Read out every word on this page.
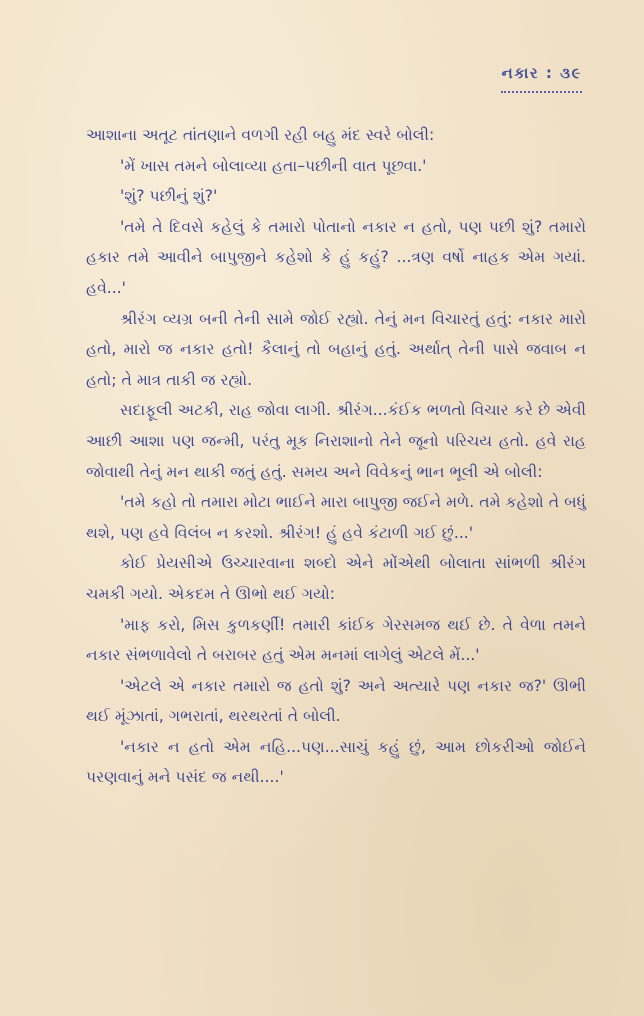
નકાર : ૩૯

આશાના અતૂટ તાંતણાને વળગી રહી બહુ મંદ સ્વરે બોલી:

'મેં ખાસ તમને બોલાવ્યા હતા–પછીની વાત પૂછવા.'

'શું? પછીનું શું?'

'તમે તે દિવસે કહેલું કે તમારો પોતાનો નકાર ન હતો, પણ પછી શું? તમારો હકાર તમે આવીને બાપુજીને કહેશો કે હું કહું? ...ત્રણ વર્ષો નાહક એમ ગયાં. હવે...'

શ્રીરંગ વ્યગ્ર બની તેની સામે જોઈ રહ્યો. તેનું મન વિચારતું હતું: નકાર મારો હતો, મારો જ નકાર હતો! કૈલાનું તો બહાનું હતું. અર્થાત્ તેની પાસે જવાબ ન હતો; તે માત્ર તાકી જ રહ્યો.

સદાફૂલી અટકી, રાહ જોવા લાગી. શ્રીરંગ...કંઈક ભળતો વિચાર કરે છે એવી આછી આશા પણ જન્મી, પરંતુ મૂક નિરાશાનો તેને જૂનો પરિચય હતો. હવે રાહ જોવાથી તેનું મન થાકી જતું હતું. સમય અને વિવેકનું ભાન ભૂલી એ બોલી:

'તમે કહો તો તમારા મોટા ભાઈને મારા બાપુજી જઈને મળે. તમે કહેશો તે બધું થશે, પણ હવે વિલંબ ન કરશો. શ્રીરંગ! હું હવે કંટાળી ગઈ છું...'

કોઈ પ્રેયસીએ ઉચ્ચારવાના શબ્દો એને મોંએથી બોલાતા સાંભળી શ્રીરંગ ચમકી ગયો. એકદમ તે ઊભો થઈ ગયો:

'માફ કરો, મિસ કુળકર્ણી! તમારી કાંઈક ગેરસમજ થઈ છે. તે વેળા તમને નકાર સંભળાવેલો તે બરાબર હતું એમ મનમાં લાગેલું એટલે મેં...'

'એટલે એ નકાર તમારો જ હતો શું? અને અત્યારે પણ નકાર જ?' ઊભી થઈ મૂંઝાતાં, ગભરાતાં, થરથરતાં તે બોલી.

'નકાર ન હતો એમ નહિ...પણ...સાચું કહું છું, આમ છોકરીઓ જોઈને પરણવાનું મને પસંદ જ નથી....'
